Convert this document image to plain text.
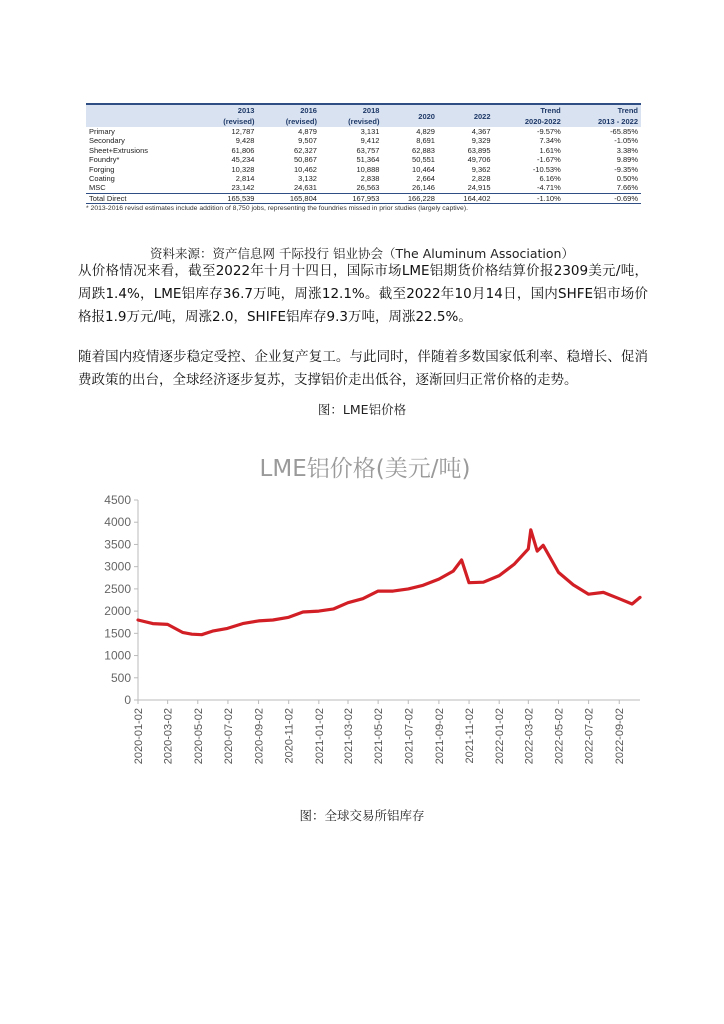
	2013	2016	2018	2020	2022	Trend	Trend
	(revised)	(revised)	(revised)			2020-2022	2013 - 2022
Primary	12,787	4,879	3,131	4,829	4,367	-9.57%	-65.85%
Secondary	9,428	9,507	9,412	8,691	9,329	7.34%	-1.05%
Sheet+Extrusions	61,806	62,327	63,757	62,883	63,895	1.61%	3.38%
Foundry*	45,234	50,867	51,364	50,551	49,706	-1.67%	9.89%
Forging	10,328	10,462	10,888	10,464	9,362	-10.53%	-9.35%
Coating	2,814	3,132	2,838	2,664	2,828	6.16%	0.50%
MSC	23,142	24,631	26,563	26,146	24,915	-4.71%	7.66%
Total Direct	165,539	165,804	167,953	166,228	164,402	-1.10%	-0.69%
* 2013-2016 revisd estimates include addition of 8,750 jobs, representing the foundries missed in prior studies (largely captive).
资料来源：资产信息网 千际投行 铝业协会（The Aluminum Association）
从价格情况来看，截至2022年十月十四日，国际市场LME铝期货价格结算价报2309美元/吨，周跌1.4%，LME铝库存36.7万吨，周涨12.1%。截至2022年10月14日，国内SHFE铝市场价格报1.9万元/吨，周涨2.0，SHIFE铝库存9.3万吨，周涨22.5%。
随着国内疫情逐步稳定受控、企业复产复工。与此同时，伴随着多数国家低利率、稳增长、促消费政策的出台，全球经济逐步复苏，支撑铝价走出低谷，逐渐回归正常价格的走势。
图：LME铝价格
LME铝价格(美元/吨)
0
500
1000
1500
2000
2500
3000
3500
4000
4500
2020-01-02 2020-03-02 2020-05-02 2020-07-02 2020-09-02 2020-11-02 2021-01-02 2021-03-02 2021-05-02 2021-07-02 2021-09-02 2021-11-02 2022-01-02 2022-03-02 2022-05-02 2022-07-02 2022-09-02
图：全球交易所铝库存
